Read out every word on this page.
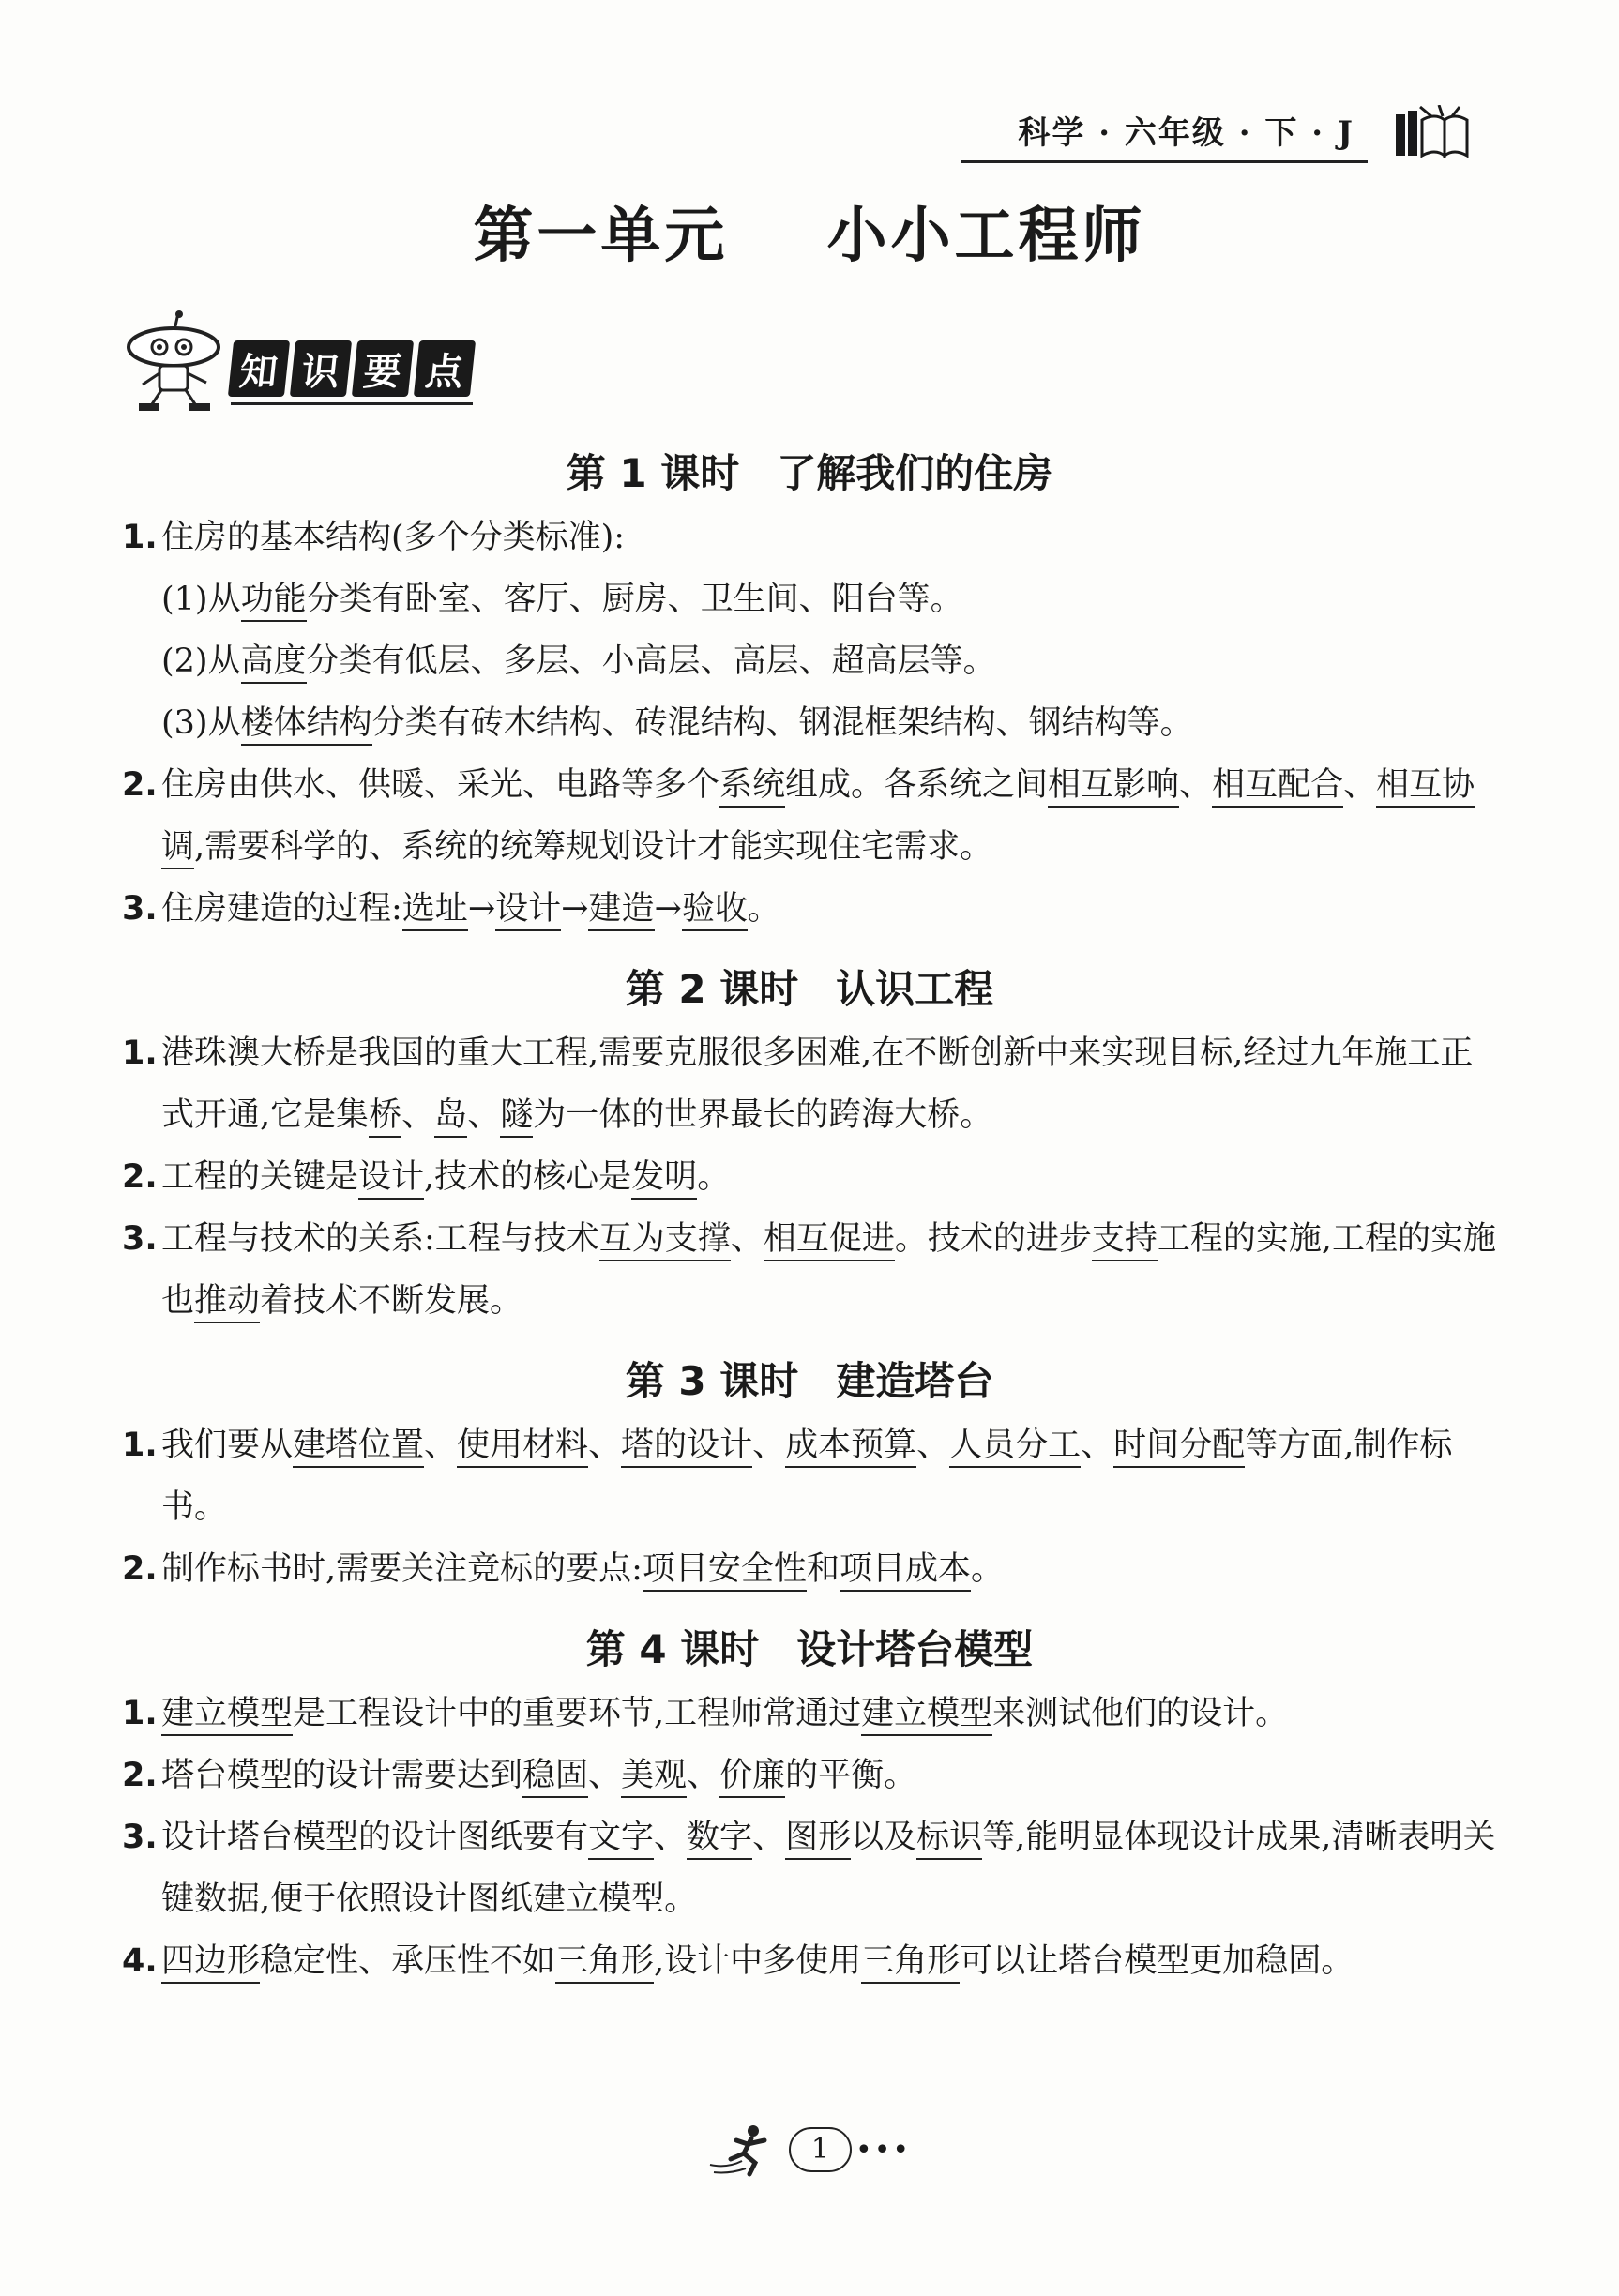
科学 · 六年级 · 下 · J
第一单元    小小工程师
知 识 要 点
第 1 课时 了解我们的住房

1. 住房的基本结构(多个分类标准):

(1)从功能分类有卧室、客厅、厨房、卫生间、阳台等。

(2)从高度分类有低层、多层、小高层、高层、超高层等。

(3)从楼体结构分类有砖木结构、砖混结构、钢混框架结构、钢结构等。

2. 住房由供水、供暖、采光、电路等多个系统组成。各系统之间相互影响、相互配合、相互协调,需要科学的、系统的统筹规划设计才能实现住宅需求。

3. 住房建造的过程:选址→设计→建造→验收。

第 2 课时 认识工程

1. 港珠澳大桥是我国的重大工程,需要克服很多困难,在不断创新中来实现目标,经过九年施工正式开通,它是集桥、岛、隧为一体的世界最长的跨海大桥。

2. 工程的关键是设计,技术的核心是发明。

3. 工程与技术的关系:工程与技术互为支撑、相互促进。技术的进步支持工程的实施,工程的实施也推动着技术不断发展。

第 3 课时 建造塔台

1. 我们要从建塔位置、使用材料、塔的设计、成本预算、人员分工、时间分配等方面,制作标书。

2. 制作标书时,需要关注竞标的要点:项目安全性和项目成本。

第 4 课时 设计塔台模型

1. 建立模型是工程设计中的重要环节,工程师常通过建立模型来测试他们的设计。

2. 塔台模型的设计需要达到稳固、美观、价廉的平衡。

3. 设计塔台模型的设计图纸要有文字、数字、图形以及标识等,能明显体现设计成果,清晰表明关键数据,便于依照设计图纸建立模型。

4. 四边形稳定性、承压性不如三角形,设计中多使用三角形可以让塔台模型更加稳固。

1 •••
